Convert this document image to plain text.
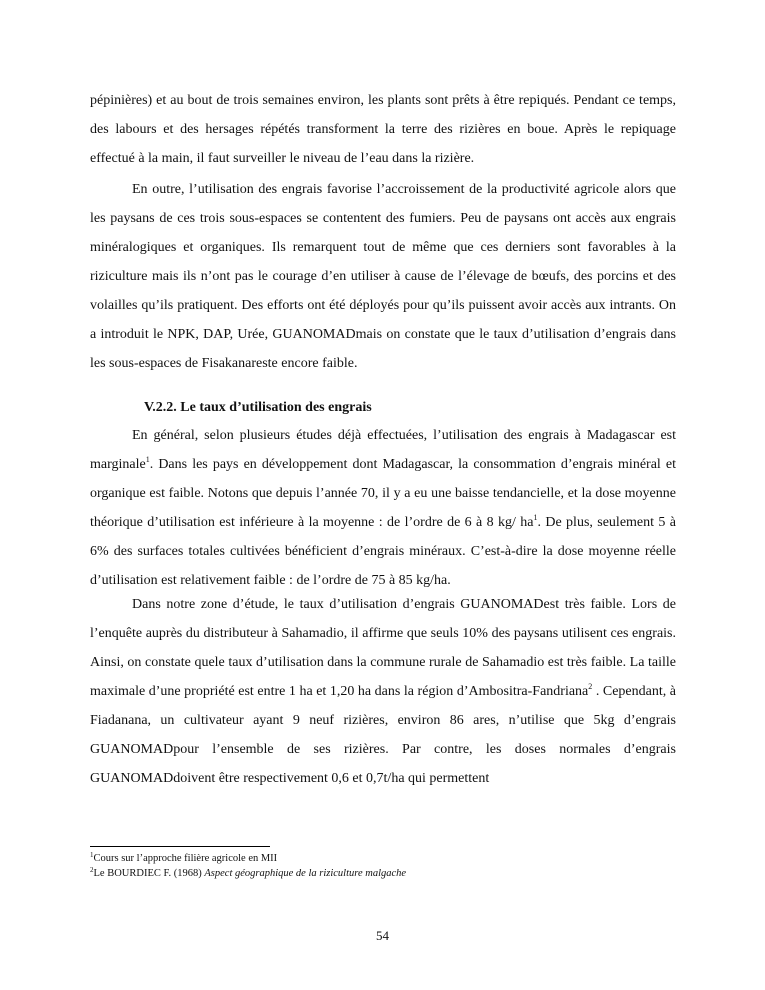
pépinières) et au bout de trois semaines environ, les plants sont prêts à être repiqués. Pendant ce temps, des labours et des hersages répétés transforment la terre des rizières en boue. Après le repiquage effectué à la main, il faut surveiller le niveau de l’eau dans la rizière.

En outre, l’utilisation des engrais favorise l’accroissement de la productivité agricole alors que les paysans de ces trois sous-espaces se contentent des fumiers. Peu de paysans ont accès aux engrais minéralogiques et organiques. Ils remarquent tout de même que ces derniers sont favorables à la riziculture mais ils n’ont pas le courage d’en utiliser à cause de l’élevage de bœufs, des porcins et des volailles qu’ils pratiquent. Des efforts ont été déployés pour qu’ils puissent avoir accès aux intrants. On a introduit le NPK, DAP, Urée, GUANOMADmais on constate que le taux d’utilisation d’engrais dans les sous-espaces de Fisakanareste encore faible.

V.2.2. Le taux d’utilisation des engrais

En général, selon plusieurs études déjà effectuées, l’utilisation des engrais à Madagascar est marginale$^1$. Dans les pays en développement dont Madagascar, la consommation d’engrais minéral et organique est faible. Notons que depuis l’année 70, il y a eu une baisse tendancielle, et la dose moyenne théorique d’utilisation est inférieure à la moyenne : de l’ordre de 6 à 8 kg/ $ha^1$. De plus, seulement 5 à 6% des surfaces totales cultivées bénéficient d’engrais minéraux. C’est-à-dire la dose moyenne réelle d’utilisation est relativement faible : de l’ordre de 75 à 85 kg/ha.

Dans notre zone d’étude, le taux d’utilisation d’engrais GUANOMADest très faible. Lors de l’enquête auprès du distributeur à Sahamadio, il affirme que seuls 10% des paysans utilisent ces engrais. Ainsi, on constate quele taux d’utilisation dans la commune rurale de Sahamadio est très faible. La taille maximale d’une propriété est entre 1 ha et 1,20 ha dans la région d’Ambositra-Fandriana$^2$ . Cependant, à Fiadanana, un cultivateur ayant 9 neuf rizières, environ 86 ares, n’utilise que 5kg d’engrais GUANOMADpour l’ensemble de ses rizières. Par contre, les doses normales d’engrais GUANOMADdoivent être respectivement 0,6 et 0,7t/ha qui permettent

$^1$Cours sur l’approche filière agricole en MII

$^2$Le BOURDIEC F. (1968) Aspect géographique de la riziculture malgache

54
